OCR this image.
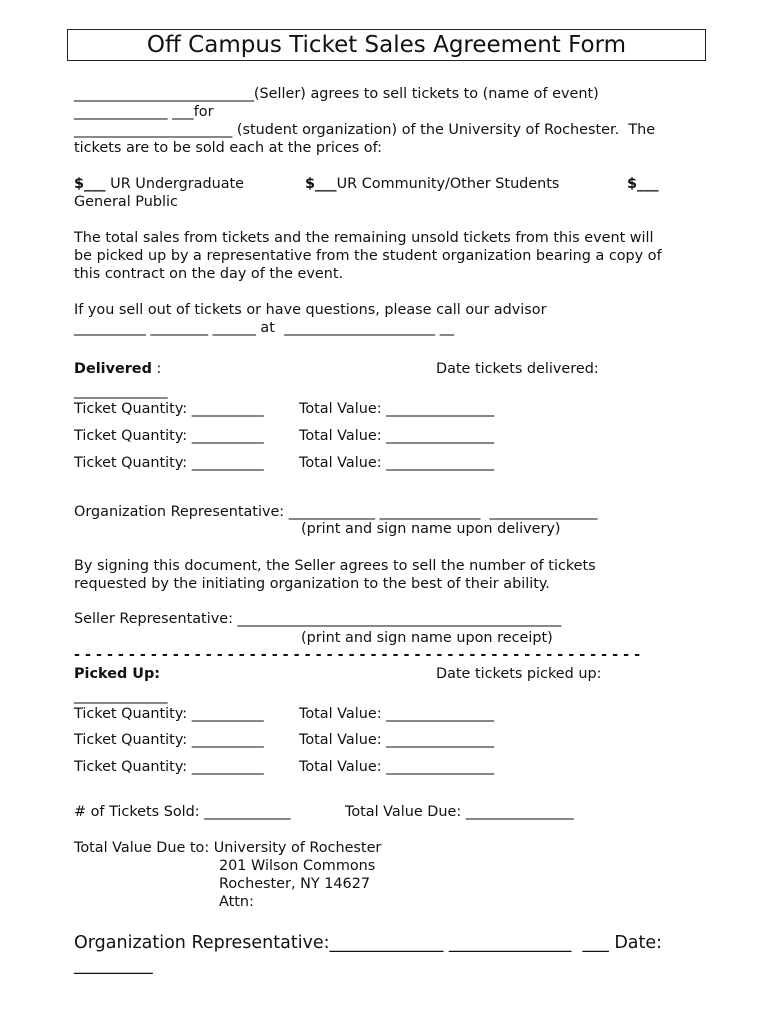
Off Campus Ticket Sales Agreement Form
_________________________(Seller) agrees to sell tickets to (name of event)
_____________ ___for
______________________ (student organization) of the University of Rochester.  The
tickets are to be sold each at the prices of:
$___ UR Undergraduate	$___UR Community/Other Students	$___
General Public
The total sales from tickets and the remaining unsold tickets from this event will
be picked up by a representative from the student organization bearing a copy of
this contract on the day of the event.
If you sell out of tickets or have questions, please call our advisor
__________ ________ ______ at  _____________________ __
Delivered :	Date tickets delivered:
_____________
Ticket Quantity: __________ Total Value: _______________
Ticket Quantity: __________ Total Value: _______________
Ticket Quantity: __________ Total Value: _______________
Organization Representative: ____________ ______________  _______________
(print and sign name upon delivery)
By signing this document, the Seller agrees to sell the number of tickets
requested by the initiating organization to the best of their ability.
Seller Representative: _____________________________________________
(print and sign name upon receipt)
- - - - - - - - - - - - - - - - - - - - - - - - - - - - - - - - - - - - - - - - - - - - - - - - - - - -
Picked Up:	Date tickets picked up:
_____________
Ticket Quantity: __________ Total Value: _______________
Ticket Quantity: __________ Total Value: _______________
Ticket Quantity: __________ Total Value: _______________
# of Tickets Sold: ____________	Total Value Due: _______________
Total Value Due to: University of Rochester
201 Wilson Commons
Rochester, NY 14627
Attn:
Organization Representative:_____________ ______________  ___ Date:
_________
